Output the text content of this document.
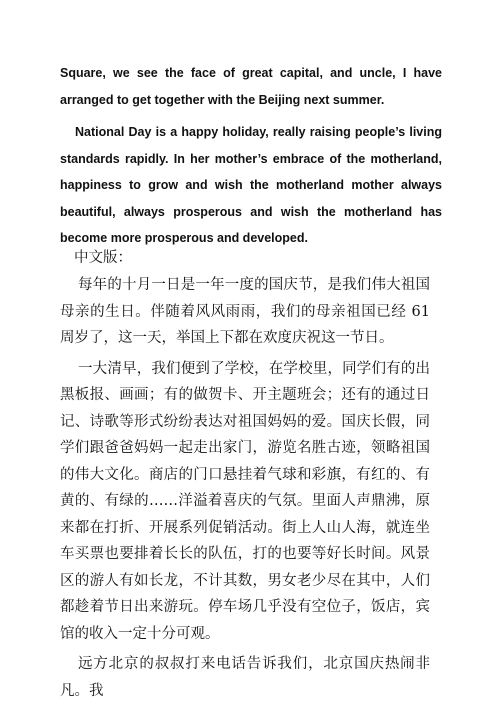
Square, we see the face of great capital, and uncle, I have arranged to get together with the Beijing next summer.

National Day is a happy holiday, really raising people’s living standards rapidly. In her mother’s embrace of the motherland, happiness to grow and wish the motherland mother always beautiful, always prosperous and wish the motherland has become more prosperous and developed.

中文版：

每年的十月一日是一年一度的国庆节，是我们伟大祖国母亲的生日。伴随着风风雨雨，我们的母亲祖国已经 61 周岁了，这一天，举国上下都在欢度庆祝这一节日。

一大清早，我们便到了学校，在学校里，同学们有的出黑板报、画画；有的做贺卡、开主题班会；还有的通过日记、诗歌等形式纷纷表达对祖国妈妈的爱。国庆长假，同学们跟爸爸妈妈一起走出家门，游览名胜古迹，领略祖国的伟大文化。商店的门口悬挂着气球和彩旗，有红的、有黄的、有绿的……洋溢着喜庆的气氛。里面人声鼎沸，原来都在打折、开展系列促销活动。街上人山人海，就连坐车买票也要排着长长的队伍，打的也要等好长时间。风景区的游人有如长龙，不计其数，男女老少尽在其中，人们都趁着节日出来游玩。停车场几乎没有空位子，饭店，宾馆的收入一定十分可观。

远方北京的叔叔打来电话告诉我们，北京国庆热闹非凡。我
